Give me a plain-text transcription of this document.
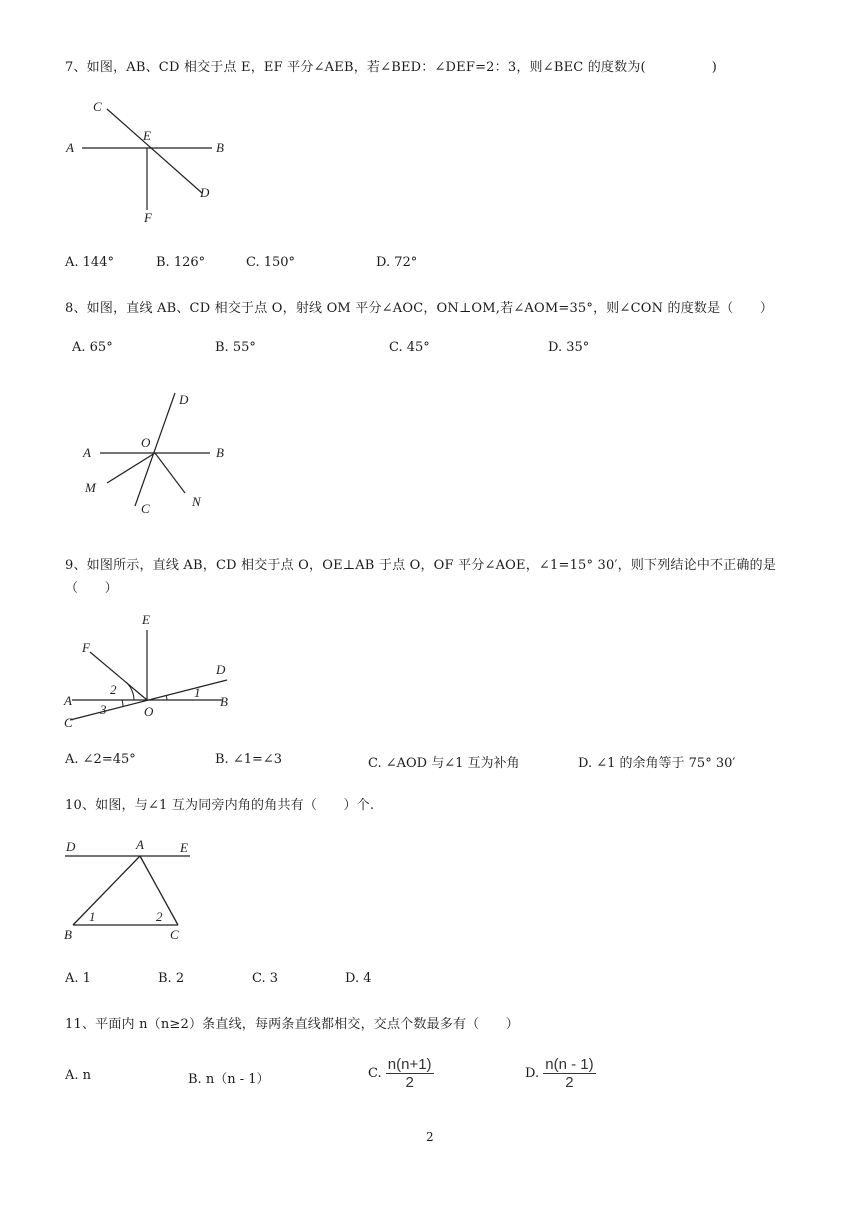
7、如图，AB、CD 相交于点 E，EF 平分∠AEB，若∠BED：∠DEF=2：3，则∠BEC 的度数为(　　　　　)
C
E
A	B
D
F
A. 144°	B. 126°	C. 150°	D. 72°
8、如图，直线 AB、CD 相交于点 O，射线 OM 平分∠AOC，ON⊥OM,若∠AOM=35°，则∠CON 的度数是（　　）
A. 65°	B. 55°	C. 45°	D. 35°
D
O
A	B
M
N
C
9、如图所示，直线 AB，CD 相交于点 O，OE⊥AB 于点 O，OF 平分∠AOE，∠1=15° 30′，则下列结论中不正确的是
（　　）
E
F
D
2	1
A	B
3	O
C
A. ∠2=45°	B. ∠1=∠3	C. ∠AOD 与∠1 互为补角	D. ∠1 的余角等于 75° 30′
10、如图，与∠1 互为同旁内角的角共有（　　）个.
D	A	E
1	2
B	C
A. 1	B. 2	C. 3	D. 4
11、平面内 n（n≥2）条直线，每两条直线都相交，交点个数最多有（　　）
A. n	B. n（n - 1）	C. $\frac{n(n+1)}{2}$	D. $\frac{n(n - 1)}{2}$
2
